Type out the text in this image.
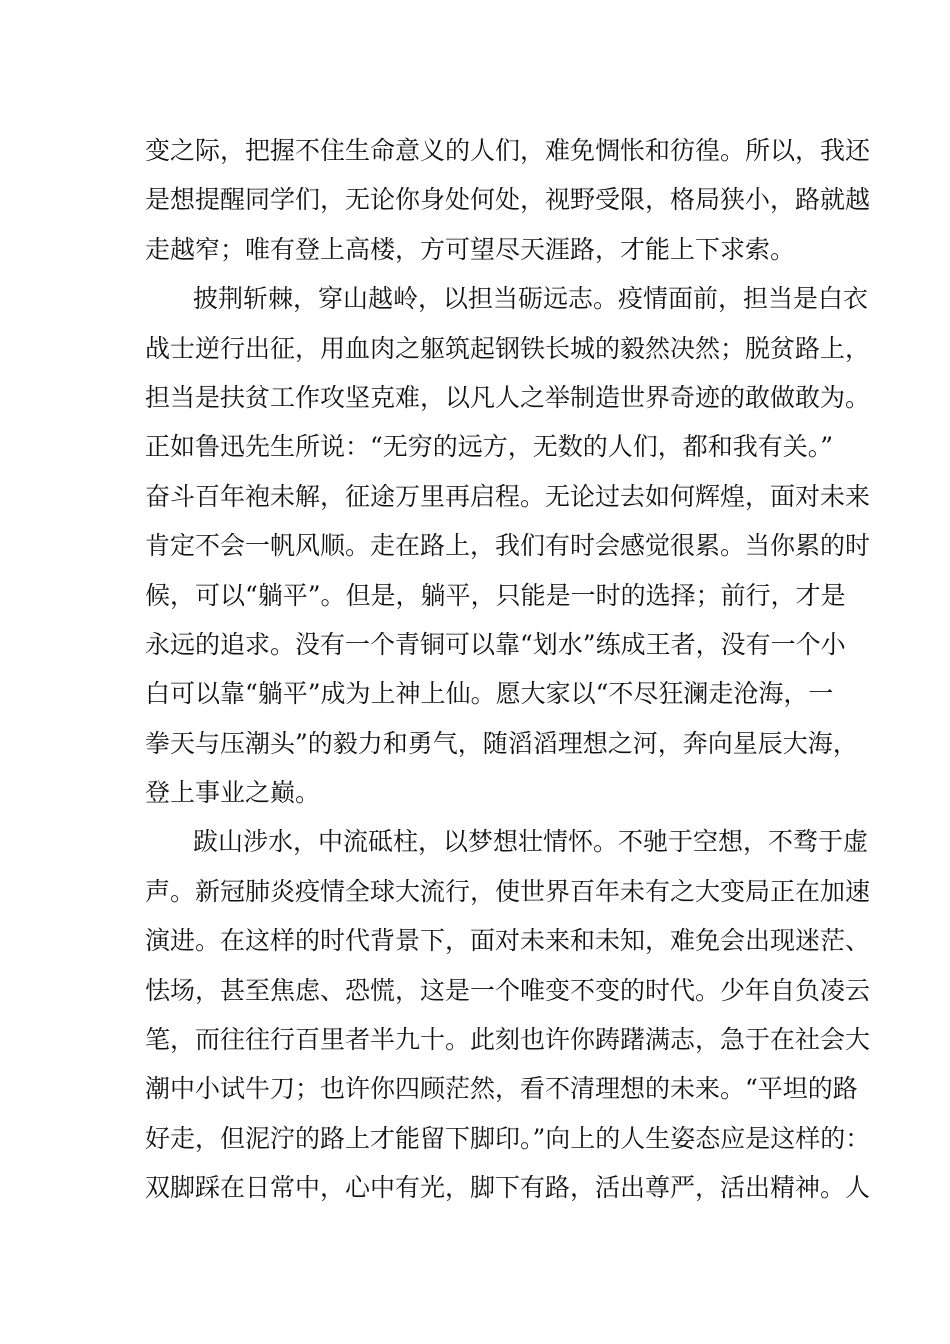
变之际，把握不住生命意义的人们，难免惆怅和彷徨。所以，我还
是想提醒同学们，无论你身处何处，视野受限，格局狭小，路就越
走越窄；唯有登上高楼，方可望尽天涯路，才能上下求索。
披荆斩棘，穿山越岭，以担当砺远志。疫情面前，担当是白衣
战士逆行出征，用血肉之躯筑起钢铁长城的毅然决然；脱贫路上，
担当是扶贫工作攻坚克难，以凡人之举制造世界奇迹的敢做敢为。
正如鲁迅先生所说：“无穷的远方，无数的人们，都和我有关。”
奋斗百年袍未解，征途万里再启程。无论过去如何辉煌，面对未来
肯定不会一帆风顺。走在路上，我们有时会感觉很累。当你累的时
候，可以“躺平”。但是，躺平，只能是一时的选择；前行，才是
永远的追求。没有一个青铜可以靠“划水”练成王者，没有一个小
白可以靠“躺平”成为上神上仙。愿大家以“不尽狂澜走沧海，一
拳天与压潮头”的毅力和勇气，随滔滔理想之河，奔向星辰大海，
登上事业之巅。
跋山涉水，中流砥柱，以梦想壮情怀。不驰于空想，不骛于虚
声。新冠肺炎疫情全球大流行，使世界百年未有之大变局正在加速
演进。在这样的时代背景下，面对未来和未知，难免会出现迷茫、
怯场，甚至焦虑、恐慌，这是一个唯变不变的时代。少年自负凌云
笔，而往往行百里者半九十。此刻也许你踌躇满志，急于在社会大
潮中小试牛刀；也许你四顾茫然，看不清理想的未来。“平坦的路
好走，但泥泞的路上才能留下脚印。”向上的人生姿态应是这样的：
双脚踩在日常中，心中有光，脚下有路，活出尊严，活出精神。人
